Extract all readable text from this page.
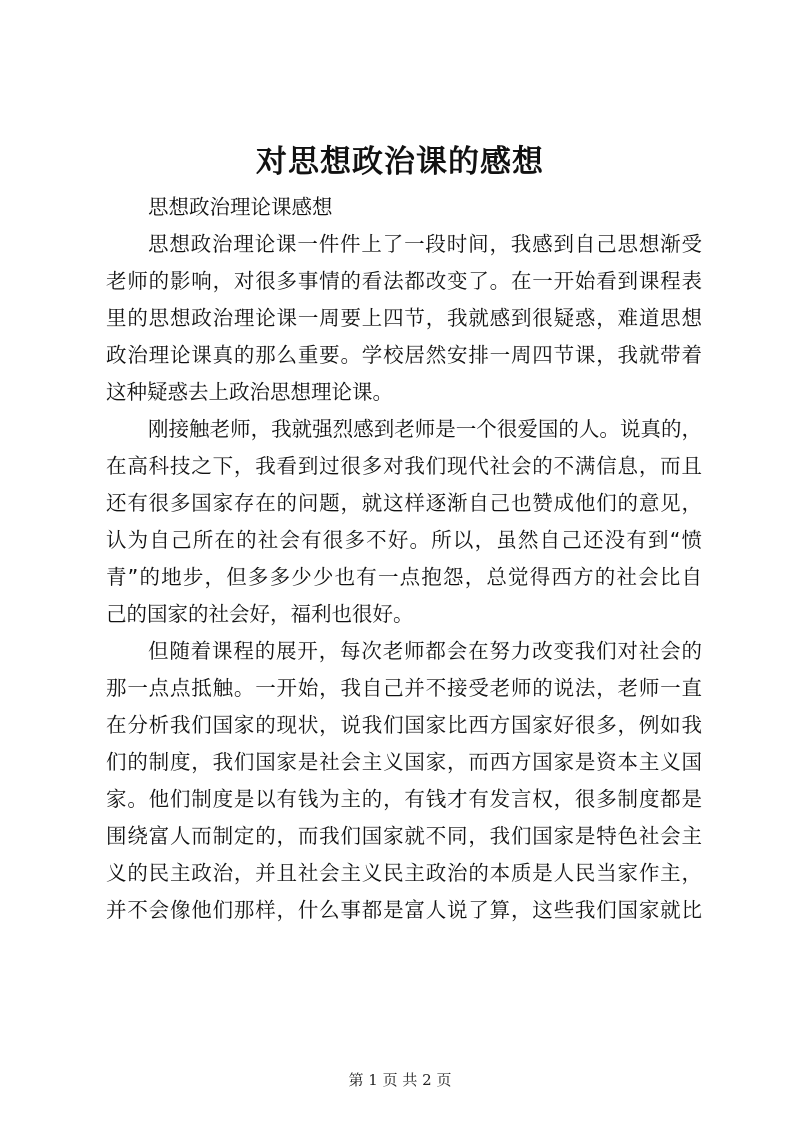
对思想政治课的感想
思想政治理论课感想
思想政治理论课一件件上了一段时间，我感到自己思想渐受
老师的影响，对很多事情的看法都改变了。在一开始看到课程表
里的思想政治理论课一周要上四节，我就感到很疑惑，难道思想
政治理论课真的那么重要。学校居然安排一周四节课，我就带着
这种疑惑去上政治思想理论课。
刚接触老师，我就强烈感到老师是一个很爱国的人。说真的，
在高科技之下，我看到过很多对我们现代社会的不满信息，而且
还有很多国家存在的问题，就这样逐渐自己也赞成他们的意见，
认为自己所在的社会有很多不好。所以，虽然自己还没有到“愤
青”的地步，但多多少少也有一点抱怨，总觉得西方的社会比自
己的国家的社会好，福利也很好。
但随着课程的展开，每次老师都会在努力改变我们对社会的
那一点点抵触。一开始，我自己并不接受老师的说法，老师一直
在分析我们国家的现状，说我们国家比西方国家好很多，例如我
们的制度，我们国家是社会主义国家，而西方国家是资本主义国
家。他们制度是以有钱为主的，有钱才有发言权，很多制度都是
围绕富人而制定的，而我们国家就不同，我们国家是特色社会主
义的民主政治，并且社会主义民主政治的本质是人民当家作主，
并不会像他们那样，什么事都是富人说了算，这些我们国家就比
第 1 页 共 2 页
